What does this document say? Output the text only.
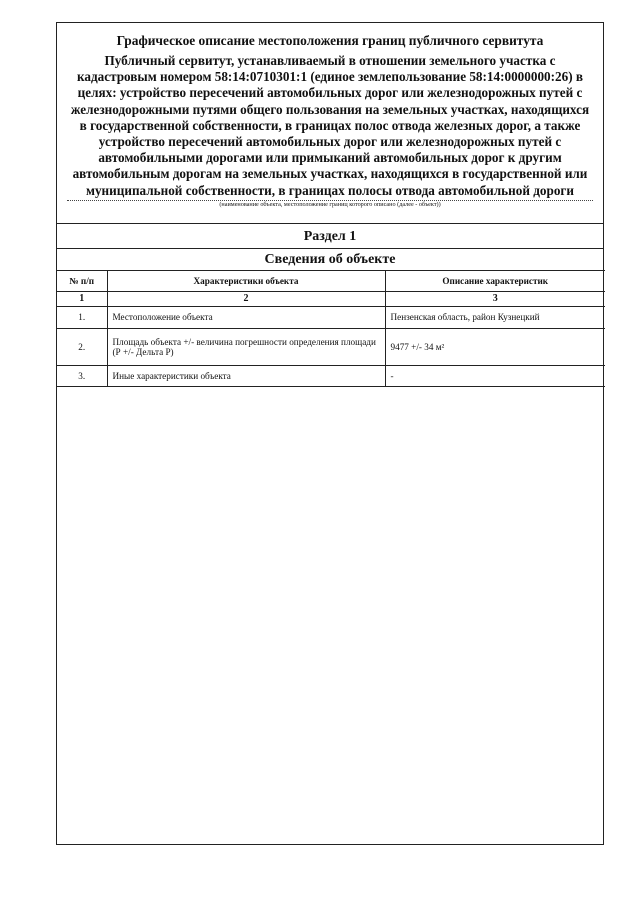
Графическое описание местоположения границ публичного сервитута
Публичный сервитут, устанавливаемый в отношении земельного участка с кадастровым номером 58:14:0710301:1 (единое землепользование 58:14:0000000:26) в целях: устройство пересечений автомобильных дорог или железнодорожных путей с железнодорожными путями общего пользования на земельных участках, находящихся в государственной собственности, в границах полос отвода железных дорог, а также устройство пересечений автомобильных дорог или железнодорожных путей с автомобильными дорогами или примыканий автомобильных дорог к другим автомобильным дорогам на земельных участках, находящихся в государственной или муниципальной собственности, в границах полосы отвода автомобильной дороги
(наименование объекта, местоположение границ которого описано (далее - объект))
Раздел 1
Сведения об объекте
№ п/п	Характеристики объекта	Описание характеристик
1	2	3
1.	Местоположение объекта	Пензенская область, район Кузнецкий
2.	Площадь объекта +/- величина погрешности определения площади (Р +/- Дельта Р)	9477 +/- 34 м²
3.	Иные характеристики объекта	-
